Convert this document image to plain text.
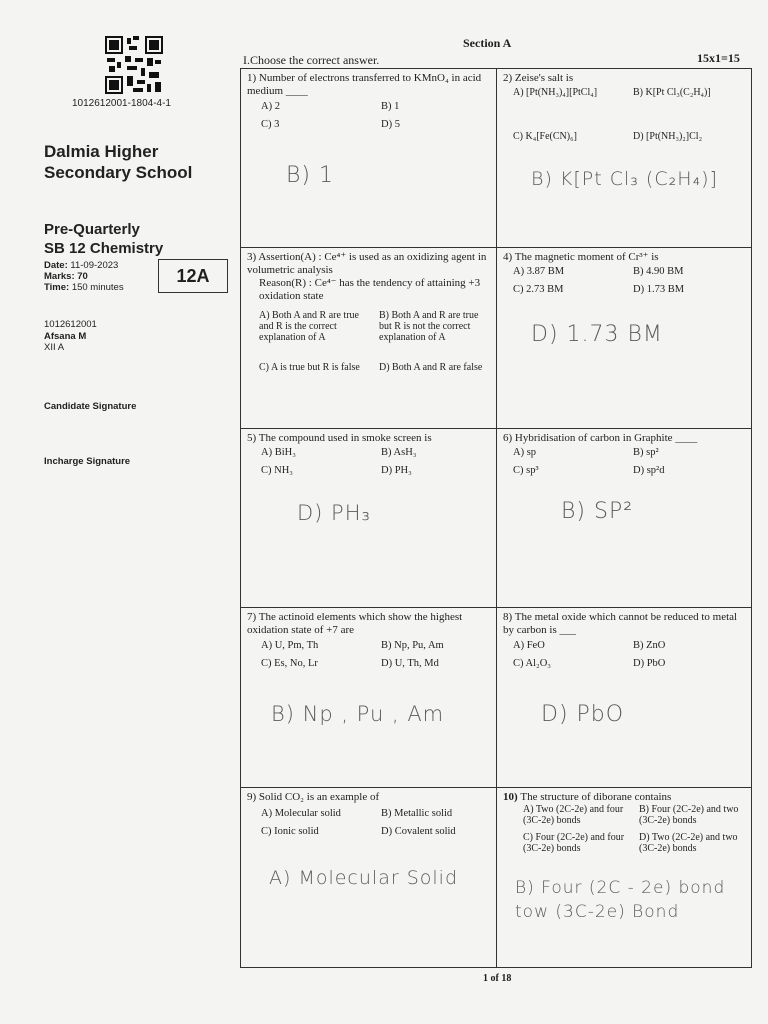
1012612001-1804-4-1
Dalmia Higher
Secondary School
Pre-Quarterly
SB 12 Chemistry
Date: 11-09-2023
Marks: 70
Time: 150 minutes
12A
1012612001
Afsana M
XII A
Candidate Signature
Incharge Signature
Section A
I.Choose the correct answer.	15x1=15
1) Number of electrons transferred to KMnO₄ in acid medium ____
A) 2	B) 1
C) 3	D) 5
B) 1
2) Zeise's salt is
A) [Pt(NH₃)₄][PtCl₄]	B) K[Pt Cl₃(C₂H₄)]
C) K₄[Fe(CN)₆]	D) [Pt(NH₃)₂]Cl₂
B) K[Pt Cl₃ (C₂H₄)]
3) Assertion(A) : Ce⁴⁺ is used as an oxidizing agent in volumetric analysis
Reason(R) : Ce⁴⁻ has the tendency of attaining +3 oxidation state
A) Both A and R are true and R is the correct explanation of A
B) Both A and R are true but R is not the correct explanation of A
C) A is true but R is false	D) Both A and R are false
4) The magnetic moment of Cr³⁺ is
A) 3.87 BM	B) 4.90 BM
C) 2.73 BM	D) 1.73 BM
D) 1.73 BM
5) The compound used in smoke screen is
A) BiH₃	B) AsH₃
C) NH₃	D) PH₃
D) PH₃
6) Hybridisation of carbon in Graphite ____
A) sp	B) sp²
C) sp³	D) sp²d
B) SP²
7) The actinoid elements which show the highest oxidation state of +7 are
A) U, Pm, Th	B) Np, Pu, Am
C) Es, No, Lr	D) U, Th, Md
B) Np , Pu , Am
8) The metal oxide which cannot be reduced to metal by carbon is ___
A) FeO	B) ZnO
C) Al₂O₃	D) PbO
D) PbO
9) Solid CO₂ is an example of
A) Molecular solid	B) Metallic solid
C) Ionic solid	D) Covalent solid
A) Molecular Solid
10) The structure of diborane contains
A) Two (2C-2e) and four (3C-2e) bonds
B) Four (2C-2e) and two (3C-2e) bonds
C) Four (2C-2e) and four (3C-2e) bonds
D) Two (2C-2e) and two (3C-2e) bonds
B) Four (2C - 2e) bond tow (3C-2e) Bond
1 of 18
